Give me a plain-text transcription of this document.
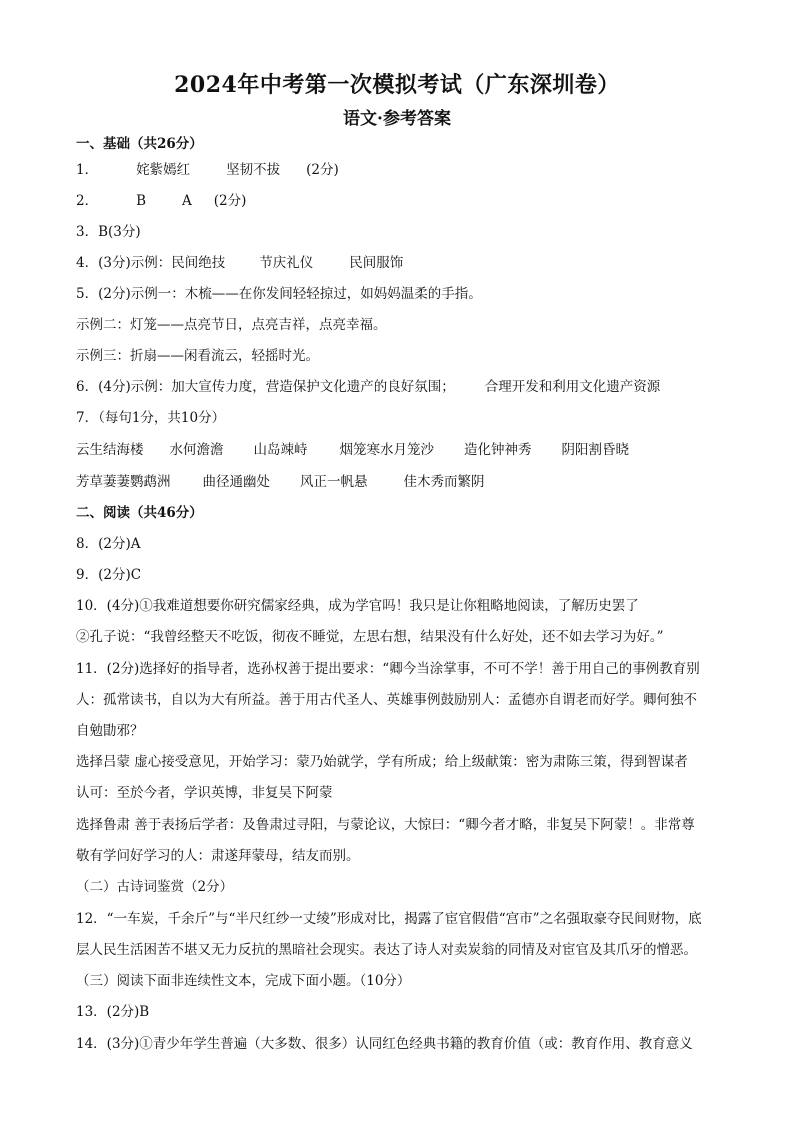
2024年中考第一次模拟考试（广东深圳卷）
语文·参考答案
一、基础（共26分）
1．	姹紫嫣红	坚韧不拔 (2分)
2．	B	A (2分)
3．B(3分)
4．(3分)示例：民间绝技	节庆礼仪	民间服饰
5．(2分)示例一：木梳——在你发间轻轻掠过，如妈妈温柔的手指。
示例二：灯笼——点亮节日，点亮吉祥，点亮幸福。
示例三：折扇——闲看流云，轻摇时光。
6．(4分)示例：加大宣传力度，营造保护文化遗产的良好氛围； 合理开发和利用文化遗产资源
7．（每句1分，共10分）
云生结海楼 水何澹澹 山岛竦峙 烟笼寒水月笼沙 造化钟神秀 阴阳割昏晓
芳草萋萋鹦鹉洲 曲径通幽处 风正一帆悬	佳木秀而繁阴
二、阅读（共46分）
8．(2分)A
9．(2分)C
10．(4分)①我难道想要你研究儒家经典，成为学官吗！我只是让你粗略地阅读，了解历史罢了
②孔子说：“我曾经整天不吃饭，彻夜不睡觉，左思右想，结果没有什么好处，还不如去学习为好。”
11．(2分)选择好的指导者，选孙权善于提出要求：“卿今当涂掌事，不可不学！善于用自己的事例教育别
人：孤常读书，自以为大有所益。善于用古代圣人、英雄事例鼓励别人：孟德亦自谓老而好学。卿何独不
自勉勖邪？
选择吕蒙 虚心接受意见，开始学习：蒙乃始就学，学有所成；给上级献策：密为肃陈三策，得到智谋者
认可：至於今者，学识英博，非复吴下阿蒙
选择鲁肃 善于表扬后学者：及鲁肃过寻阳，与蒙论议，大惊曰：“卿今者才略，非复吴下阿蒙！。非常尊
敬有学问好学习的人：肃遂拜蒙母，结友而别。
（二）古诗词鉴赏（2分）
12．“一车炭，千余斤”与“半尺红纱一丈绫”形成对比，揭露了宦官假借“宫市”之名强取豪夺民间财物，底
层人民生活困苦不堪又无力反抗的黑暗社会现实。表达了诗人对卖炭翁的同情及对宦官及其爪牙的憎恶。
（三）阅读下面非连续性文本，完成下面小题。（10分）
13．(2分)B
14．(3分)①青少年学生普遍（大多数、很多）认同红色经典书籍的教育价值（或：教育作用、教育意义
